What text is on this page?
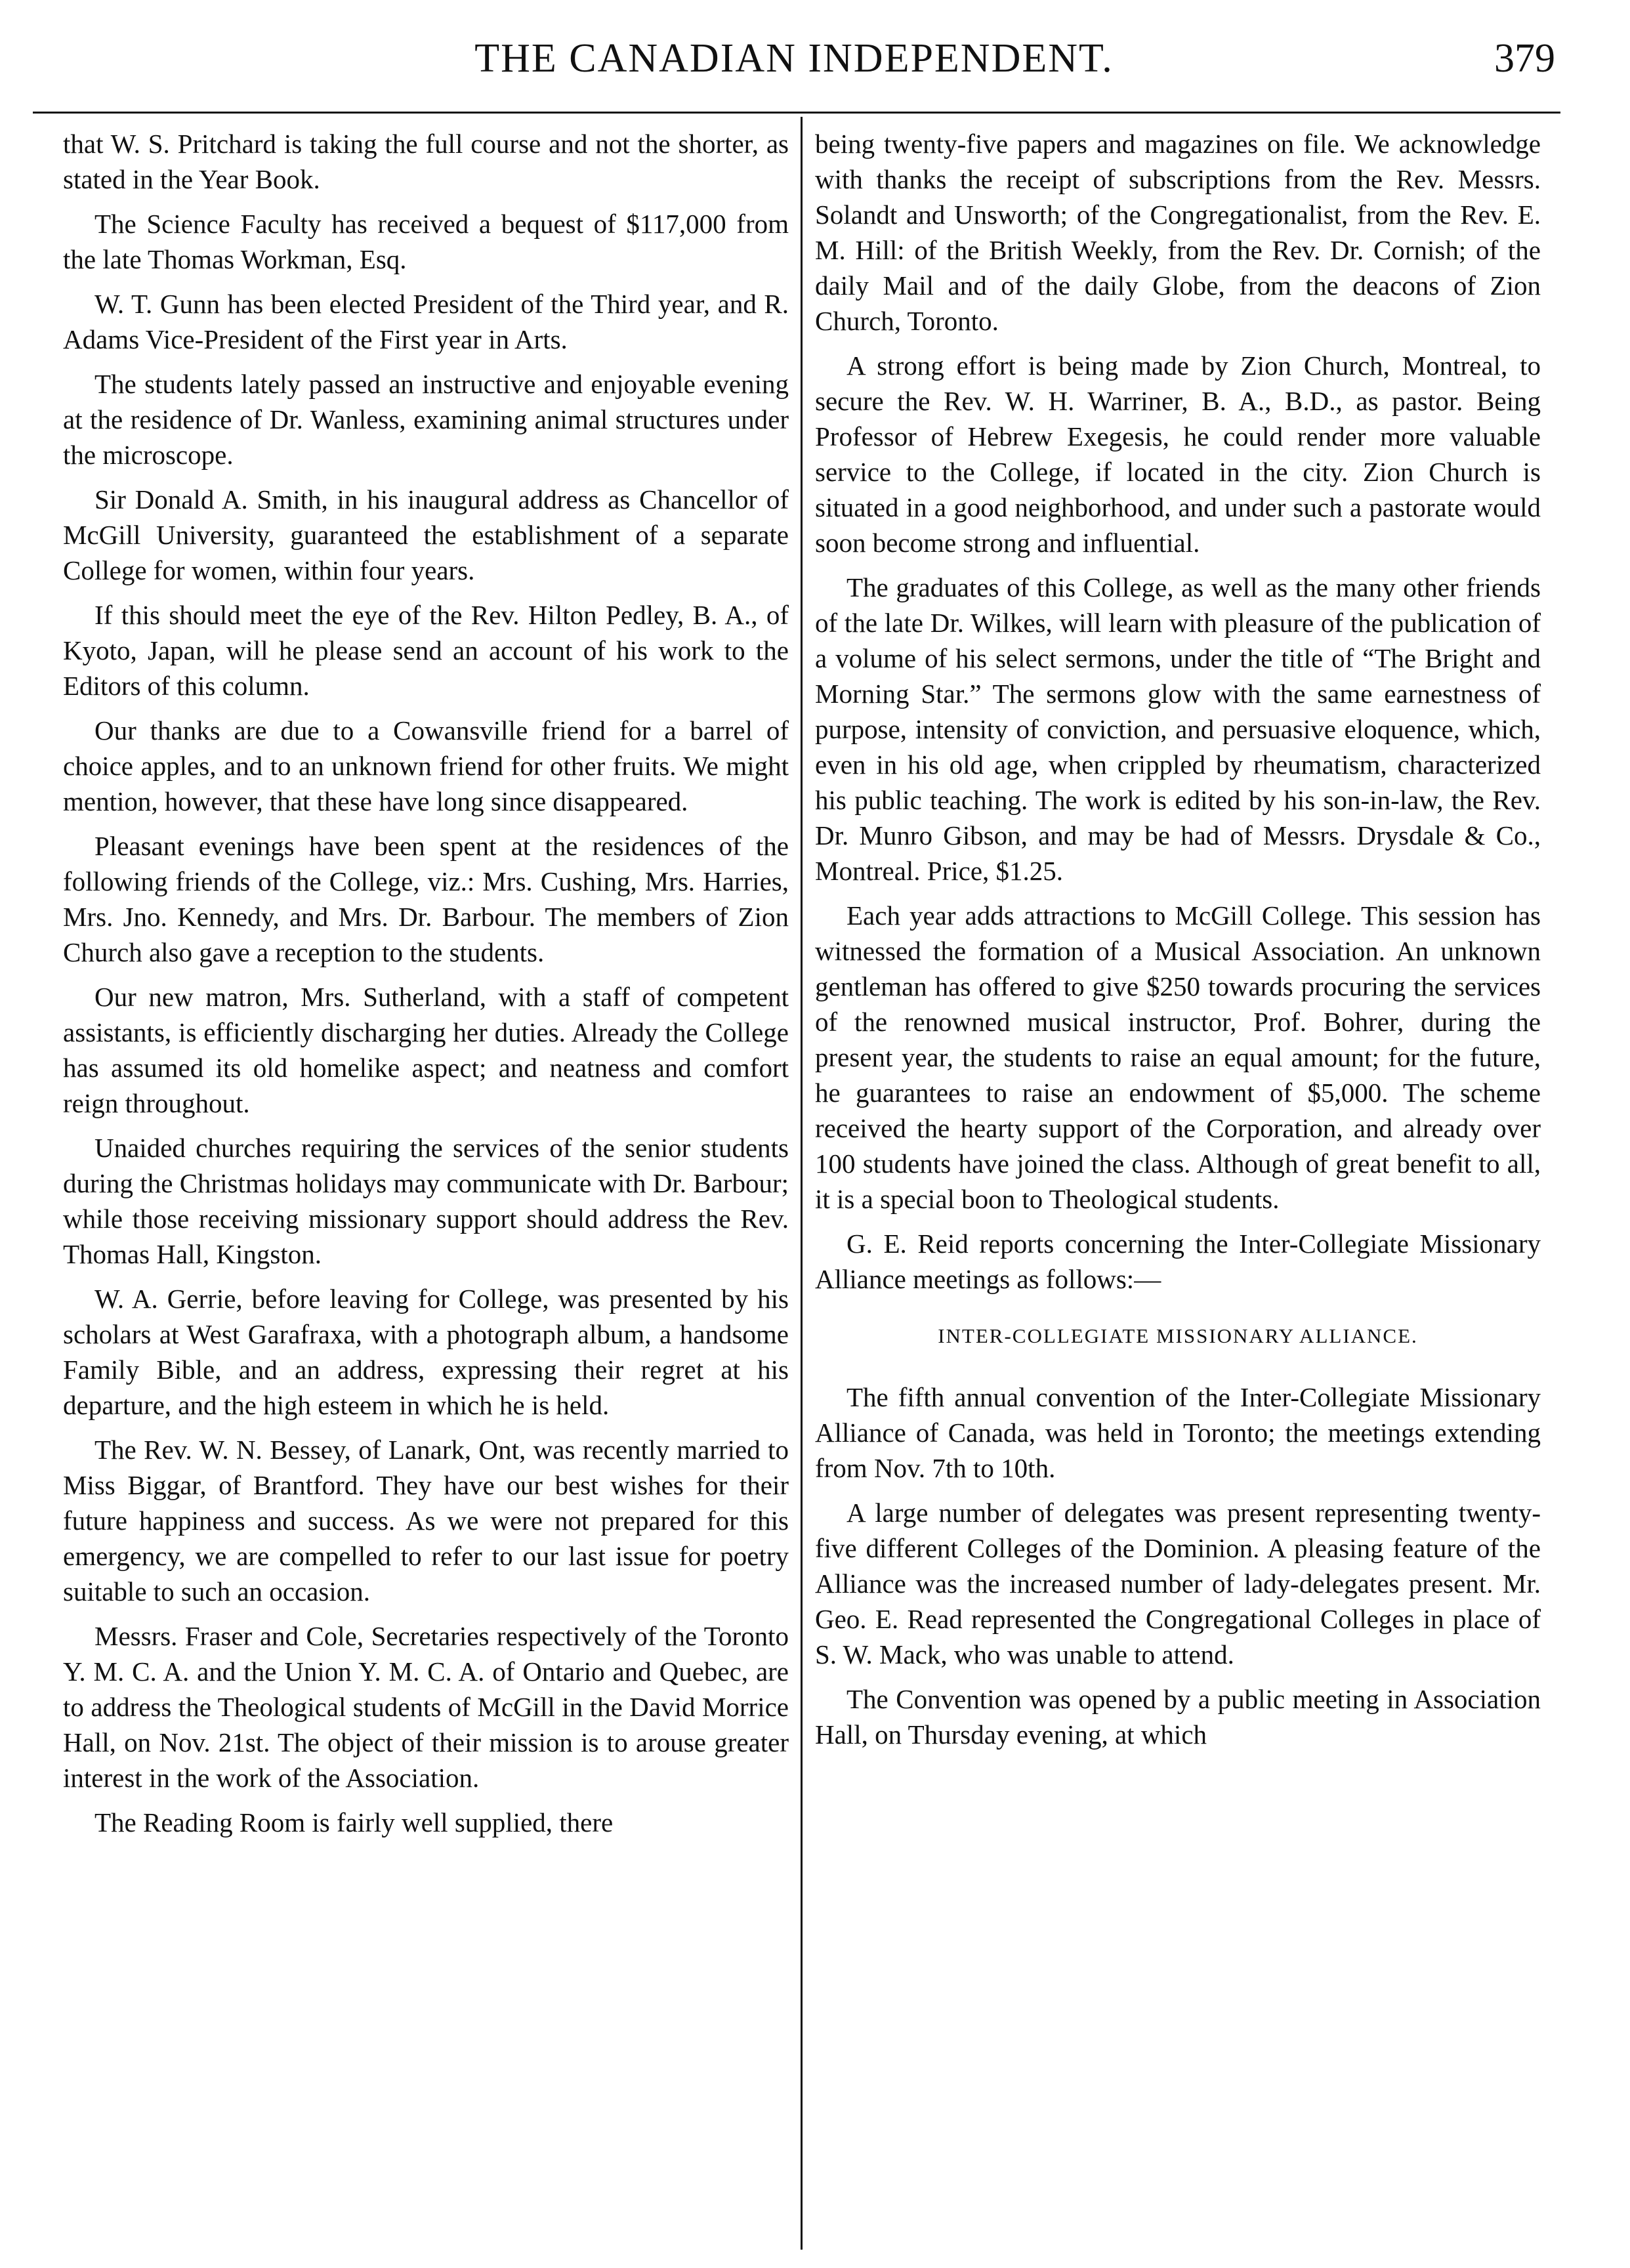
THE CANADIAN INDEPENDENT.	379

that W. S. Pritchard is taking the full course and not the shorter, as stated in the Year Book.

The Science Faculty has received a bequest of $117,000 from the late Thomas Workman, Esq.

W. T. Gunn has been elected President of the Third year, and R. Adams Vice-President of the First year in Arts.

The students lately passed an instructive and enjoyable evening at the residence of Dr. Wanless, examining animal structures under the microscope.

Sir Donald A. Smith, in his inaugural address as Chancellor of McGill University, guaranteed the establishment of a separate College for women, within four years.

If this should meet the eye of the Rev. Hilton Pedley, B. A., of Kyoto, Japan, will he please send an account of his work to the Editors of this column.

Our thanks are due to a Cowansville friend for a barrel of choice apples, and to an unknown friend for other fruits. We might mention, however, that these have long since disappeared.

Pleasant evenings have been spent at the residences of the following friends of the College, viz.: Mrs. Cushing, Mrs. Harries, Mrs. Jno. Kennedy, and Mrs. Dr. Barbour. The members of Zion Church also gave a reception to the students.

Our new matron, Mrs. Sutherland, with a staff of competent assistants, is efficiently discharging her duties. Already the College has assumed its old homelike aspect; and neatness and comfort reign throughout.

Unaided churches requiring the services of the senior students during the Christmas holidays may communicate with Dr. Barbour; while those receiving missionary support should address the Rev. Thomas Hall, Kingston.

W. A. Gerrie, before leaving for College, was presented by his scholars at West Garafraxa, with a photograph album, a handsome Family Bible, and an address, expressing their regret at his departure, and the high esteem in which he is held.

The Rev. W. N. Bessey, of Lanark, Ont, was recently married to Miss Biggar, of Brantford. They have our best wishes for their future happiness and success. As we were not prepared for this emergency, we are compelled to refer to our last issue for poetry suitable to such an occasion.

Messrs. Fraser and Cole, Secretaries respectively of the Toronto Y. M. C. A. and the Union Y. M. C. A. of Ontario and Quebec, are to address the Theological students of McGill in the David Morrice Hall, on Nov. 21st. The object of their mission is to arouse greater interest in the work of the Association.

The Reading Room is fairly well supplied, there

being twenty-five papers and magazines on file. We acknowledge with thanks the receipt of subscriptions from the Rev. Messrs. Solandt and Unsworth; of the Congregationalist, from the Rev. E. M. Hill: of the British Weekly, from the Rev. Dr. Cornish; of the daily Mail and of the daily Globe, from the deacons of Zion Church, Toronto.

A strong effort is being made by Zion Church, Montreal, to secure the Rev. W. H. Warriner, B. A., B.D., as pastor. Being Professor of Hebrew Exegesis, he could render more valuable service to the College, if located in the city. Zion Church is situated in a good neighborhood, and under such a pastorate would soon become strong and influential.

The graduates of this College, as well as the many other friends of the late Dr. Wilkes, will learn with pleasure of the publication of a volume of his select sermons, under the title of “The Bright and Morning Star.” The sermons glow with the same earnestness of purpose, intensity of conviction, and persuasive eloquence, which, even in his old age, when crippled by rheumatism, characterized his public teaching. The work is edited by his son-in-law, the Rev. Dr. Munro Gibson, and may be had of Messrs. Drysdale & Co., Montreal. Price, $1.25.

Each year adds attractions to McGill College. This session has witnessed the formation of a Musical Association. An unknown gentleman has offered to give $250 towards procuring the services of the renowned musical instructor, Prof. Bohrer, during the present year, the students to raise an equal amount; for the future, he guarantees to raise an endowment of $5,000. The scheme received the hearty support of the Corporation, and already over 100 students have joined the class. Although of great benefit to all, it is a special boon to Theological students.

G. E. Reid reports concerning the Inter-Collegiate Missionary Alliance meetings as follows:—

INTER-COLLEGIATE MISSIONARY ALLIANCE.

The fifth annual convention of the Inter-Collegiate Missionary Alliance of Canada, was held in Toronto; the meetings extending from Nov. 7th to 10th.

A large number of delegates was present representing twenty-five different Colleges of the Dominion. A pleasing feature of the Alliance was the increased number of lady-delegates present. Mr. Geo. E. Read represented the Congregational Colleges in place of S. W. Mack, who was unable to attend.

The Convention was opened by a public meeting in Association Hall, on Thursday evening, at which
